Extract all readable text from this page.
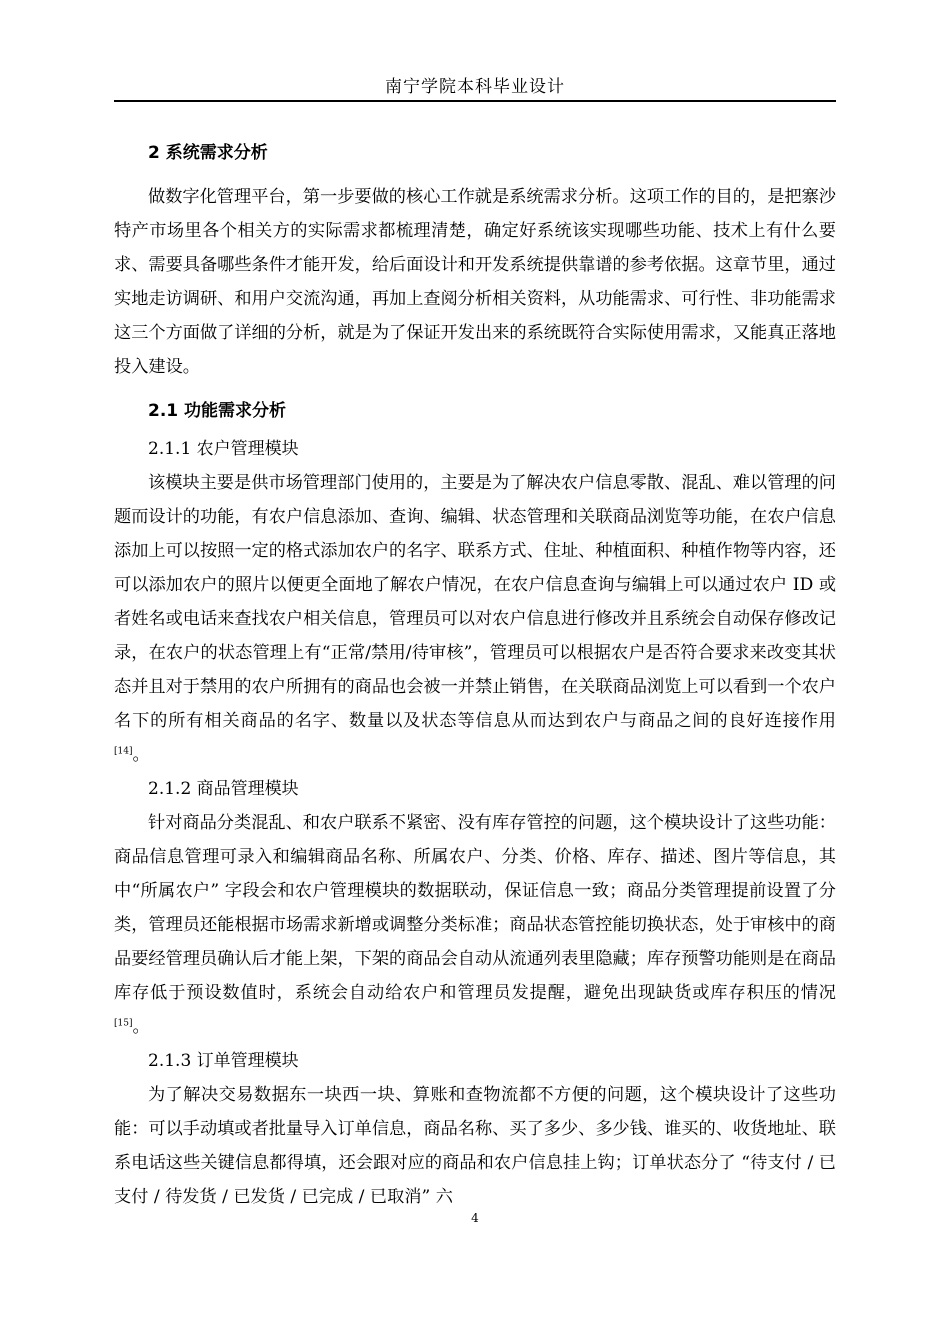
南宁学院本科毕业设计
2 系统需求分析

做数字化管理平台，第一步要做的核心工作就是系统需求分析。这项工作的目的，是把寨沙特产市场里各个相关方的实际需求都梳理清楚，确定好系统该实现哪些功能、技术上有什么要求、需要具备哪些条件才能开发，给后面设计和开发系统提供靠谱的参考依据。这章节里，通过实地走访调研、和用户交流沟通，再加上查阅分析相关资料，从功能需求、可行性、非功能需求这三个方面做了详细的分析，就是为了保证开发出来的系统既符合实际使用需求，又能真正落地投入建设。

2.1 功能需求分析
2.1.1 农户管理模块

该模块主要是供市场管理部门使用的，主要是为了解决农户信息零散、混乱、难以管理的问题而设计的功能，有农户信息添加、查询、编辑、状态管理和关联商品浏览等功能，在农户信息添加上可以按照一定的格式添加农户的名字、联系方式、住址、种植面积、种植作物等内容，还可以添加农户的照片以便更全面地了解农户情况，在农户信息查询与编辑上可以通过农户 ID 或者姓名或电话来查找农户相关信息，管理员可以对农户信息进行修改并且系统会自动保存修改记录，在农户的状态管理上有“正常/禁用/待审核”，管理员可以根据农户是否符合要求来改变其状态并且对于禁用的农户所拥有的商品也会被一并禁止销售，在关联商品浏览上可以看到一个农户名下的所有相关商品的名字、数量以及状态等信息从而达到农户与商品之间的良好连接作用[14]。

2.1.2 商品管理模块

针对商品分类混乱、和农户联系不紧密、没有库存管控的问题，这个模块设计了这些功能：商品信息管理可录入和编辑商品名称、所属农户、分类、价格、库存、描述、图片等信息，其中“所属农户” 字段会和农户管理模块的数据联动，保证信息一致；商品分类管理提前设置了分类，管理员还能根据市场需求新增或调整分类标准；商品状态管控能切换状态，处于审核中的商品要经管理员确认后才能上架，下架的商品会自动从流通列表里隐藏；库存预警功能则是在商品库存低于预设数值时，系统会自动给农户和管理员发提醒，避免出现缺货或库存积压的情况[15]。

2.1.3 订单管理模块

为了解决交易数据东一块西一块、算账和查物流都不方便的问题，这个模块设计了这些功能：可以手动填或者批量导入订单信息，商品名称、买了多少、多少钱、谁买的、收货地址、联系电话这些关键信息都得填，还会跟对应的商品和农户信息挂上钩；订单状态分了 “待支付 / 已支付 / 待发货 / 已发货 / 已完成 / 已取消” 六

4
